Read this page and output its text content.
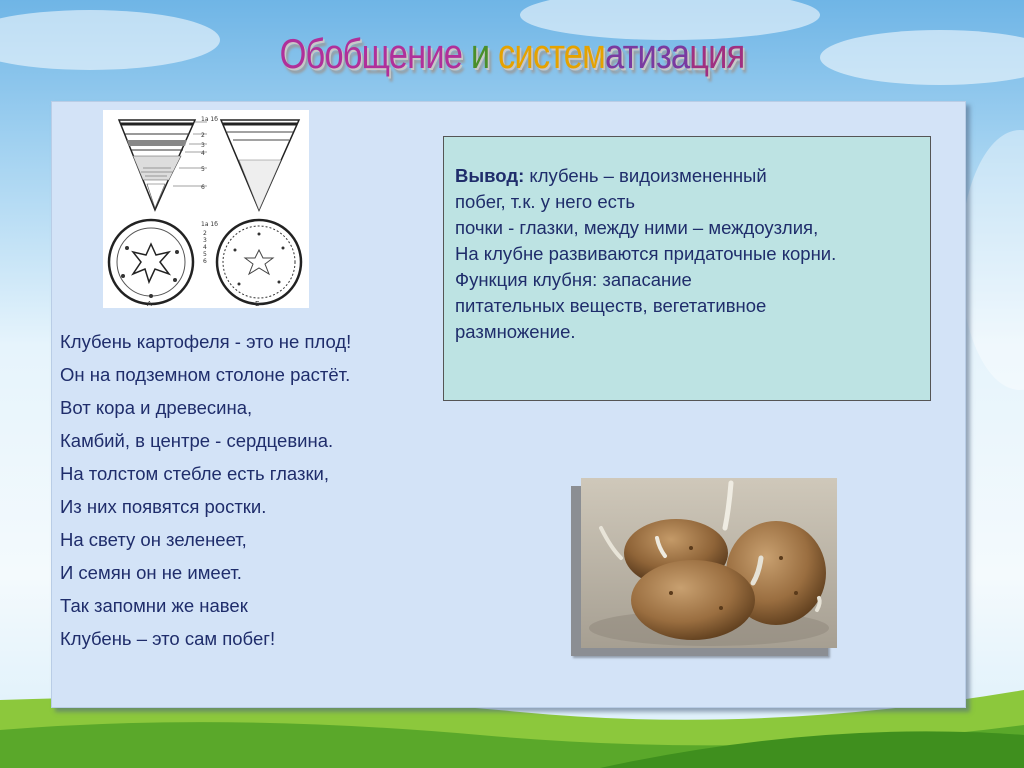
Обобщение и систематизация
1а 1б
2
3
4
5
6
А	Б
1а 1б
2
3
4
5
6
Клубень картофеля - это не плод!
Он на подземном столоне растёт.
Вот кора и древесина,
Камбий, в центре - сердцевина.
На толстом стебле есть глазки,
Из них появятся ростки.
На свету он зеленеет,
И семян он не имеет.
Так запомни же навек
Клубень – это сам побег!
Вывод: клубень – видоизмененный
побег, т.к. у него есть
почки - глазки, между ними – междоузлия,
На клубне развиваются придаточные корни.
Функция клубня: запасание
питательных веществ, вегетативное
размножение.
